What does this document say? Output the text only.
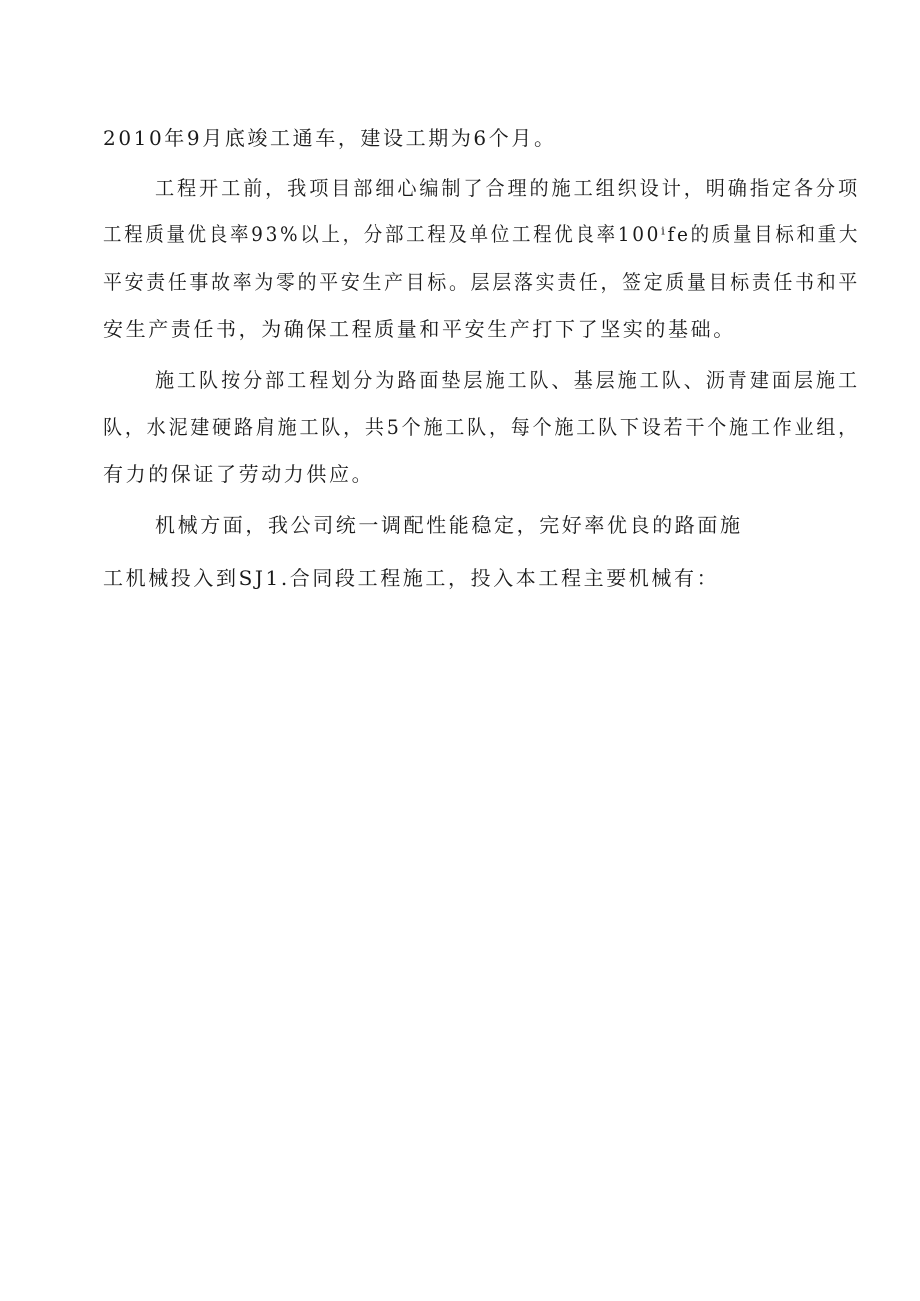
2010年9月底竣工通车，建设工期为6个月。

工程开工前，我项目部细心编制了合理的施工组织设计，明确指定各分项

工程质量优良率93%以上，分部工程及单位工程优良率100ⁱfe的质量目标和重大

平安责任事故率为零的平安生产目标。层层落实责任，签定质量目标责任书和平

安生产责任书，为确保工程质量和平安生产打下了坚实的基础。

施工队按分部工程划分为路面垫层施工队、基层施工队、沥青建面层施工

队，水泥建硬路肩施工队，共5个施工队，每个施工队下设若干个施工作业组，

有力的保证了劳动力供应。

机械方面，我公司统一调配性能稳定，完好率优良的路面施

工机械投入到SJ1.合同段工程施工，投入本工程主要机械有：
